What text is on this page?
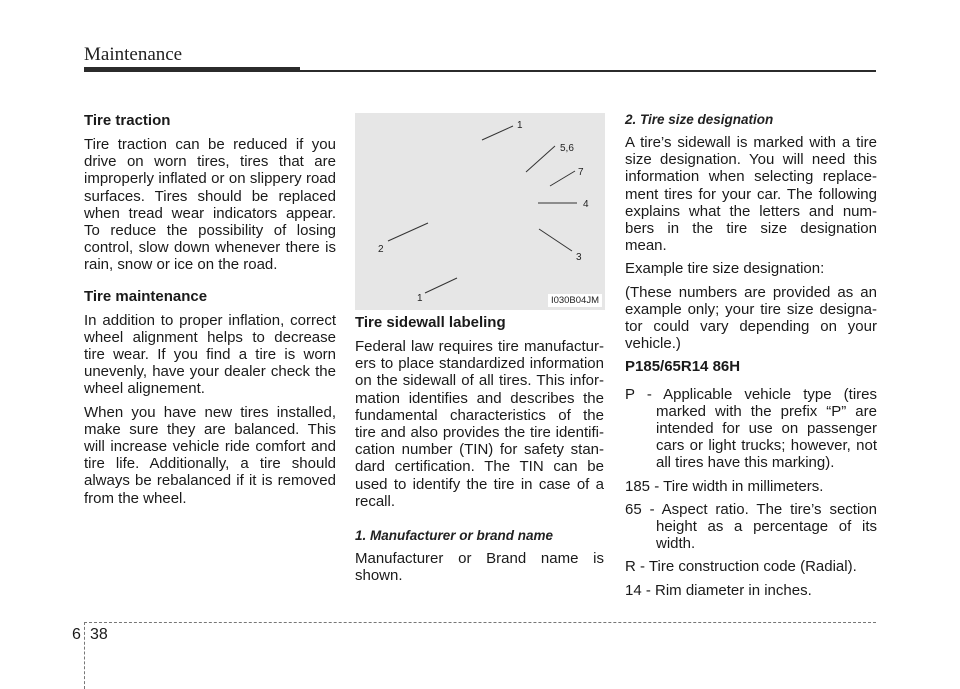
Maintenance
Tire traction

Tire traction can be reduced if you drive on worn tires, tires that are improperly inflated or on slippery road surfaces. Tires should be replaced when tread wear indicators appear. To reduce the possibility of losing control, slow down whenever there is rain, snow or ice on the road.

Tire maintenance

In addition to proper inflation, correct wheel alignment helps to decrease tire wear. If you find a tire is worn unevenly, have your dealer check the wheel alignement.

When you have new tires installed, make sure they are balanced. This will increase vehicle ride comfort and tire life. Additionally, a tire should always be rebalanced if it is removed from the wheel.

1
5,6
7
4
3
2
1	I030B04JM
Tire sidewall labeling

Federal law requires tire manufactur-ers to place standardized information on the sidewall of all tires. This infor-mation identifies and describes the fundamental characteristics of the tire and also provides the tire identifi-cation number (TIN) for safety stan-dard certification. The TIN can be used to identify the tire in case of a recall.

1. Manufacturer or brand name

Manufacturer or Brand name is shown.

2. Tire size designation

A tire’s sidewall is marked with a tire size designation. You will need this information when selecting replace-ment tires for your car. The following explains what the letters and num-bers in the tire size designation mean.

Example tire size designation:

(These numbers are provided as an example only; your tire size designa-tor could vary depending on your vehicle.)

P185/65R14 86H

P - Applicable vehicle type (tires marked with the prefix “P” are intended for use on passenger cars or light trucks; however, not all tires have this marking).

185 - Tire width in millimeters.

65 - Aspect ratio. The tire’s section height as a percentage of its width.

R - Tire construction code (Radial).

14 - Rim diameter in inches.

6 38
